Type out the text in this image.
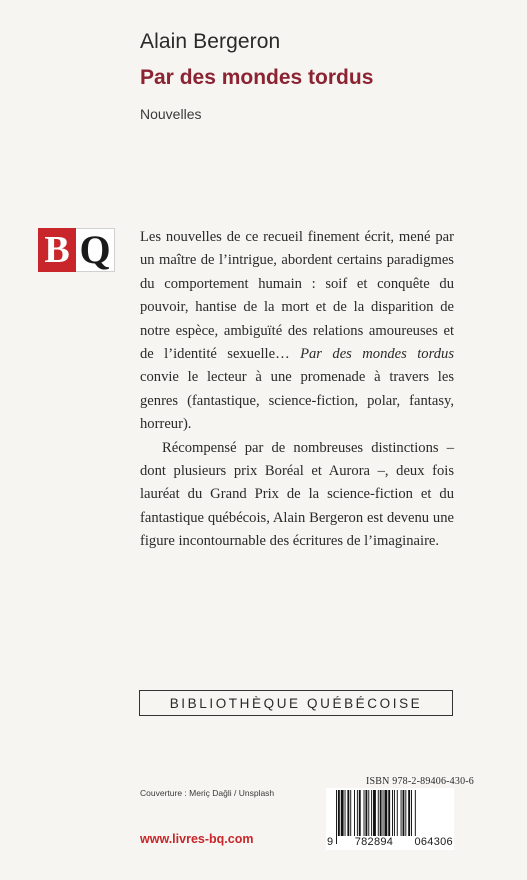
Alain Bergeron
Par des mondes tordus
Nouvelles
B Q	Les nouvelles de ce recueil finement écrit, mené par un maître de l’intrigue, abordent certains paradigmes du comportement humain : soif et conquête du pouvoir, hantise de la mort et de la disparition de notre espèce, ambiguïté des relations amoureuses et de l’identité sexuelle… Par des mondes tordus convie le lecteur à une promenade à travers les genres (fantastique, science-fiction, polar, fantasy, horreur).

Récompensé par de nombreuses distinctions – dont plusieurs prix Boréal et Aurora –, deux fois lauréat du Grand Prix de la science-fiction et du fantastique québécois, Alain Bergeron est devenu une figure incontournable des écritures de l’imaginaire.

BIBLIOTHÈQUE QUÉBÉCOISE
Couverture : Meriç Dağli / Unsplash
www.livres-bq.com
ISBN 978-2-89406-430-6
9 782894 064306
